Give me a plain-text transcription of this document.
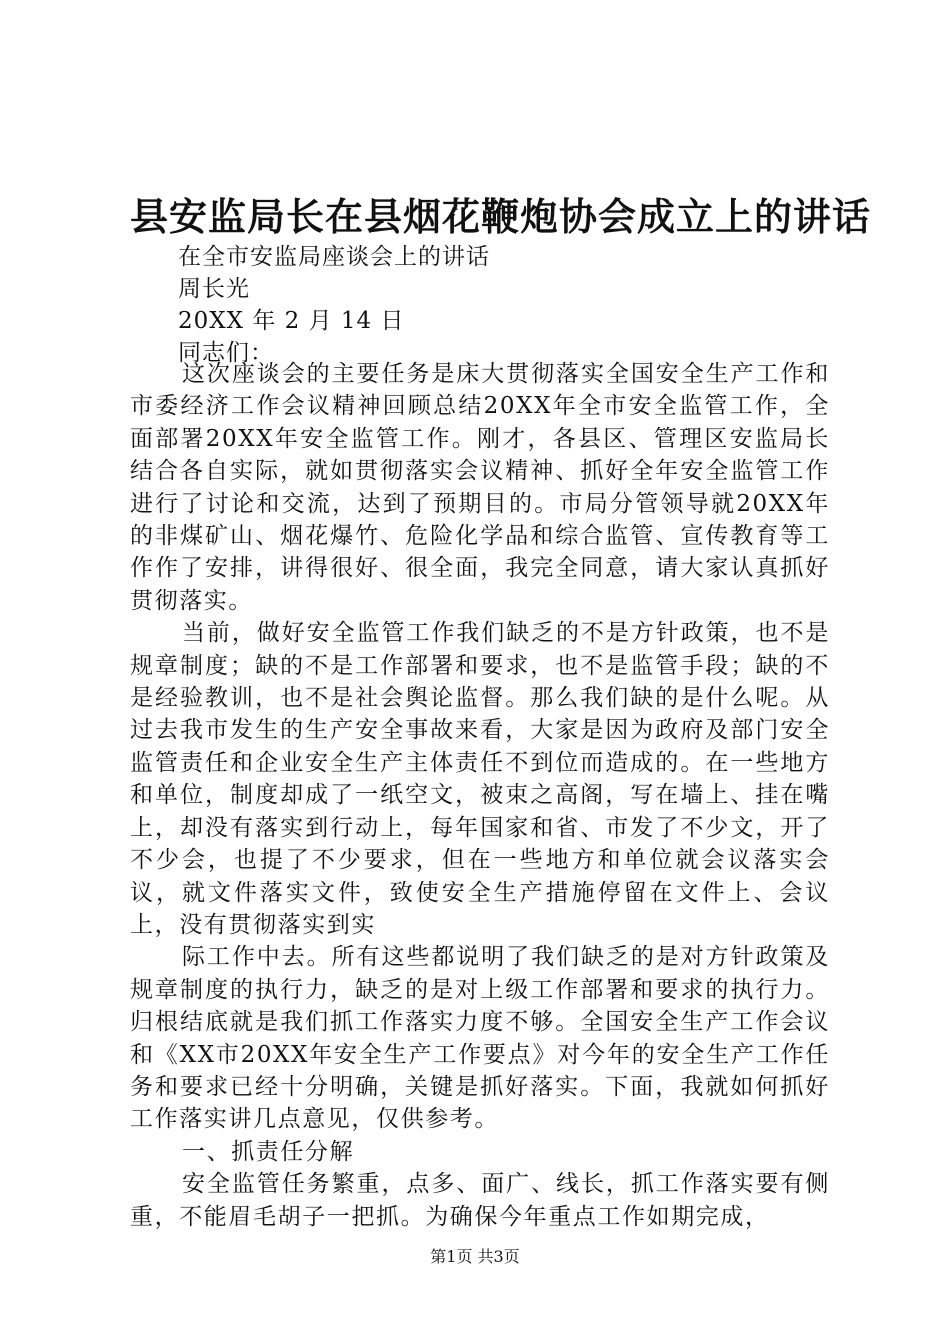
县安监局长在县烟花鞭炮协会成立上的讲话
在全市安监局座谈会上的讲话
周长光
20XX 年 2 月 14 日
同志们：

这次座谈会的主要任务是床大贯彻落实全国安全生产工作和市委经济工作会议精神回顾总结20XX年全市安全监管工作，全面部署20XX年安全监管工作。刚才，各县区、管理区安监局长结合各自实际，就如贯彻落实会议精神、抓好全年安全监管工作进行了讨论和交流，达到了预期目的。市局分管领导就20XX年的非煤矿山、烟花爆竹、危险化学品和综合监管、宣传教育等工作作了安排，讲得很好、很全面，我完全同意，请大家认真抓好贯彻落实。

当前，做好安全监管工作我们缺乏的不是方针政策，也不是规章制度；缺的不是工作部署和要求，也不是监管手段；缺的不是经验教训，也不是社会舆论监督。那么我们缺的是什么呢。从过去我市发生的生产安全事故来看，大家是因为政府及部门安全监管责任和企业安全生产主体责任不到位而造成的。在一些地方和单位，制度却成了一纸空文，被束之高阁，写在墙上、挂在嘴上，却没有落实到行动上，每年国家和省、市发了不少文，开了不少会，也提了不少要求，但在一些地方和单位就会议落实会议，就文件落实文件，致使安全生产措施停留在文件上、会议上，没有贯彻落实到实

际工作中去。所有这些都说明了我们缺乏的是对方针政策及规章制度的执行力，缺乏的是对上级工作部署和要求的执行力。归根结底就是我们抓工作落实力度不够。全国安全生产工作会议和《XX市20XX年安全生产工作要点》对今年的安全生产工作任务和要求已经十分明确，关键是抓好落实。下面，我就如何抓好工作落实讲几点意见，仅供参考。

一、抓责任分解

安全监管任务繁重，点多、面广、线长，抓工作落实要有侧重，不能眉毛胡子一把抓。为确保今年重点工作如期完成，

第1页 共3页
